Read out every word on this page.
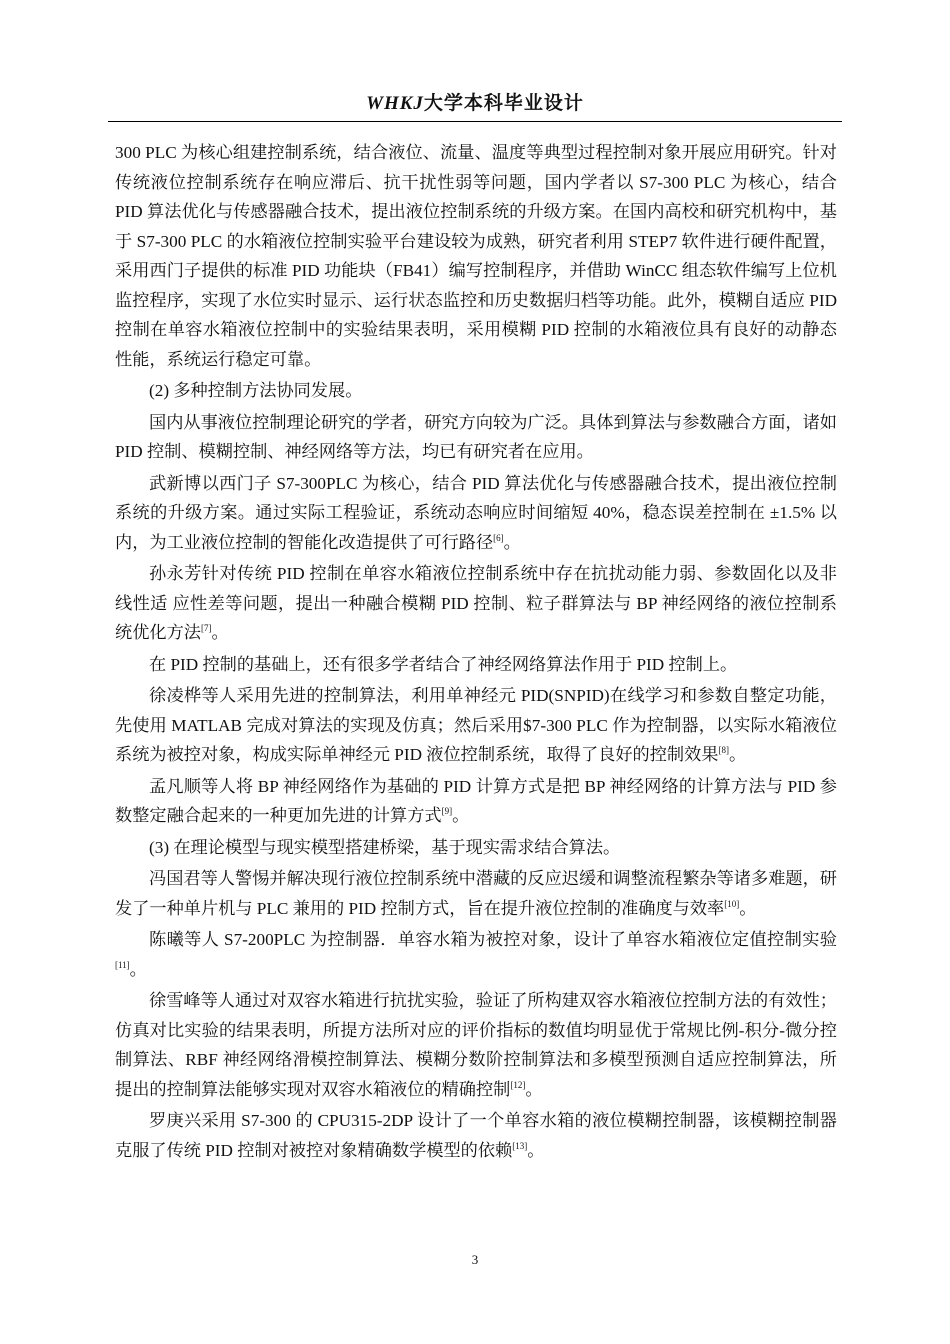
WHKJ大学本科毕业设计

300 PLC 为核心组建控制系统，结合液位、流量、温度等典型过程控制对象开展应用研究。针对传统液位控制系统存在响应滞后、抗干扰性弱等问题，国内学者以 S7-300 PLC 为核心，结合 PID 算法优化与传感器融合技术，提出液位控制系统的升级方案。在国内高校和研究机构中，基于 S7-300 PLC 的水箱液位控制实验平台建设较为成熟，研究者利用 STEP7 软件进行硬件配置，采用西门子提供的标准 PID 功能块（FB41）编写控制程序，并借助 WinCC 组态软件编写上位机监控程序，实现了水位实时显示、运行状态监控和历史数据归档等功能。此外，模糊自适应 PID 控制在单容水箱液位控制中的实验结果表明，采用模糊 PID 控制的水箱液位具有良好的动静态性能，系统运行稳定可靠。

(2) 多种控制方法协同发展。

国内从事液位控制理论研究的学者，研究方向较为广泛。具体到算法与参数融合方面，诸如 PID 控制、模糊控制、神经网络等方法，均已有研究者在应用。

武新博以西门子 S7-300PLC 为核心，结合 PID 算法优化与传感器融合技术，提出液位控制系统的升级方案。通过实际工程验证，系统动态响应时间缩短 40%，稳态误差控制在 ±1.5% 以内，为工业液位控制的智能化改造提供了可行路径[6]。

孙永芳针对传统 PID 控制在单容水箱液位控制系统中存在抗扰动能力弱、参数固化以及非线性适 应性差等问题，提出一种融合模糊 PID 控制、粒子群算法与 BP 神经网络的液位控制系统优化方法[7]。

在 PID 控制的基础上，还有很多学者结合了神经网络算法作用于 PID 控制上。

徐凌桦等人采用先进的控制算法，利用单神经元 PID(SNPID)在线学习和参数自整定功能，先使用 MATLAB 完成对算法的实现及仿真；然后采用$7-300 PLC 作为控制器，以实际水箱液位系统为被控对象，构成实际单神经元 PID 液位控制系统，取得了良好的控制效果[8]。

孟凡顺等人将 BP 神经网络作为基础的 PID 计算方式是把 BP 神经网络的计算方法与 PID 参数整定融合起来的一种更加先进的计算方式[9]。

(3) 在理论模型与现实模型搭建桥梁，基于现实需求结合算法。

冯国君等人警惕并解决现行液位控制系统中潜藏的反应迟缓和调整流程繁杂等诸多难题，研发了一种单片机与 PLC 兼用的 PID 控制方式，旨在提升液位控制的准确度与效率[10]。

陈曦等人 S7-200PLC 为控制器．单容水箱为被控对象，设计了单容水箱液位定值控制实验[11]。

徐雪峰等人通过对双容水箱进行抗扰实验，验证了所构建双容水箱液位控制方法的有效性；仿真对比实验的结果表明，所提方法所对应的评价指标的数值均明显优于常规比例-积分-微分控制算法、RBF 神经网络滑模控制算法、模糊分数阶控制算法和多模型预测自适应控制算法，所提出的控制算法能够实现对双容水箱液位的精确控制[12]。

罗庚兴采用 S7-300 的 CPU315-2DP 设计了一个单容水箱的液位模糊控制器，该模糊控制器克服了传统 PID 控制对被控对象精确数学模型的依赖[13]。

3
